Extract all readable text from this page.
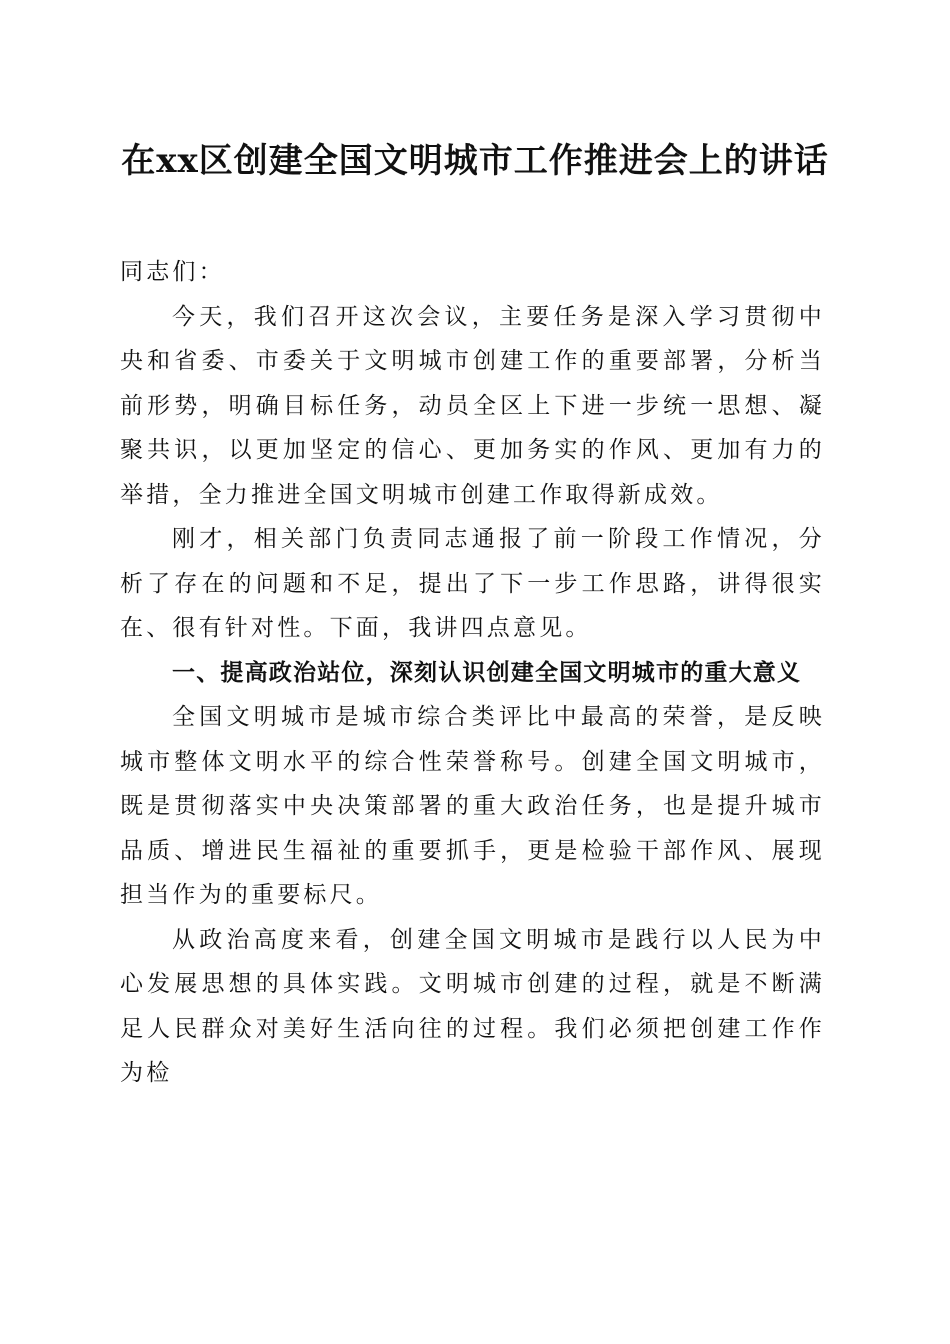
在xx区创建全国文明城市工作推进会上的讲话

同志们：

今天，我们召开这次会议，主要任务是深入学习贯彻中央和省委、市委关于文明城市创建工作的重要部署，分析当前形势，明确目标任务，动员全区上下进一步统一思想、凝聚共识，以更加坚定的信心、更加务实的作风、更加有力的举措，全力推进全国文明城市创建工作取得新成效。

刚才，相关部门负责同志通报了前一阶段工作情况，分析了存在的问题和不足，提出了下一步工作思路，讲得很实在、很有针对性。下面，我讲四点意见。

一、提高政治站位，深刻认识创建全国文明城市的重大意义

全国文明城市是城市综合类评比中最高的荣誉，是反映城市整体文明水平的综合性荣誉称号。创建全国文明城市，既是贯彻落实中央决策部署的重大政治任务，也是提升城市品质、增进民生福祉的重要抓手，更是检验干部作风、展现担当作为的重要标尺。

从政治高度来看，创建全国文明城市是践行以人民为中心发展思想的具体实践。文明城市创建的过程，就是不断满足人民群众对美好生活向往的过程。我们必须把创建工作作为检
